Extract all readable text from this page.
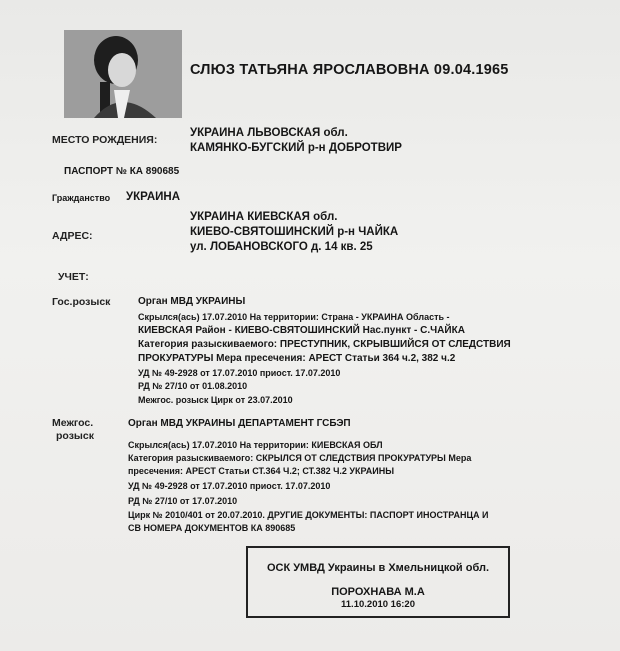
СЛЮЗ ТАТЬЯНА ЯРОСЛАВОВНА 09.04.1965
МЕСТО РОЖДЕНИЯ:
УКРАИНА ЛЬВОВСКАЯ обл.
КАМЯНКО-БУГСКИЙ р-н ДОБРОТВИР
ПАСПОРТ № КА 890685
Гражданство УКРАИНА
АДРЕС:
УКРАИНА КИЕВСКАЯ обл.
КИЕВО-СВЯТОШИНСКИЙ р-н ЧАЙКА
ул. ЛОБАНОВСКОГО д. 14 кв. 25
УЧЕТ:
Гос.розыск	Орган МВД УКРАИНЫ
Скрылся(ась) 17.07.2010 На территории: Страна - УКРАИНА Область -
КИЕВСКАЯ Район - КИЕВО-СВЯТОШИНСКИЙ Нас.пункт - С.ЧАЙКА
Категория разыскиваемого: ПРЕСТУПНИК, СКРЫВШИЙСЯ ОТ СЛЕДСТВИЯ
ПРОКУРАТУРЫ Мера пресечения: АРЕСТ Статьи 364 ч.2, 382 ч.2
УД № 49-2928 от 17.07.2010 приост. 17.07.2010
РД № 27/10 от 01.08.2010
Межгос. розыск Цирк от 23.07.2010
Межгос.
розыск
Орган МВД УКРАИНЫ ДЕПАРТАМЕНТ ГСБЭП
Скрылся(ась) 17.07.2010 На территории: КИЕВСКАЯ ОБЛ
Категория разыскиваемого: СКРЫЛСЯ ОТ СЛЕДСТВИЯ ПРОКУРАТУРЫ Мера
пресечения: АРЕСТ Статьи СТ.364 Ч.2; СТ.382 Ч.2 УКРАИНЫ
УД № 49-2928 от 17.07.2010 приост. 17.07.2010
РД № 27/10 от 17.07.2010
Цирк № 2010/401 от 20.07.2010. ДРУГИЕ ДОКУМЕНТЫ: ПАСПОРТ ИНОСТРАНЦА И
СВ НОМЕРА ДОКУМЕНТОВ КА 890685
ОСК УМВД Украины в Хмельницкой обл.
ПОРОХНАВА М.А
11.10.2010 16:20
